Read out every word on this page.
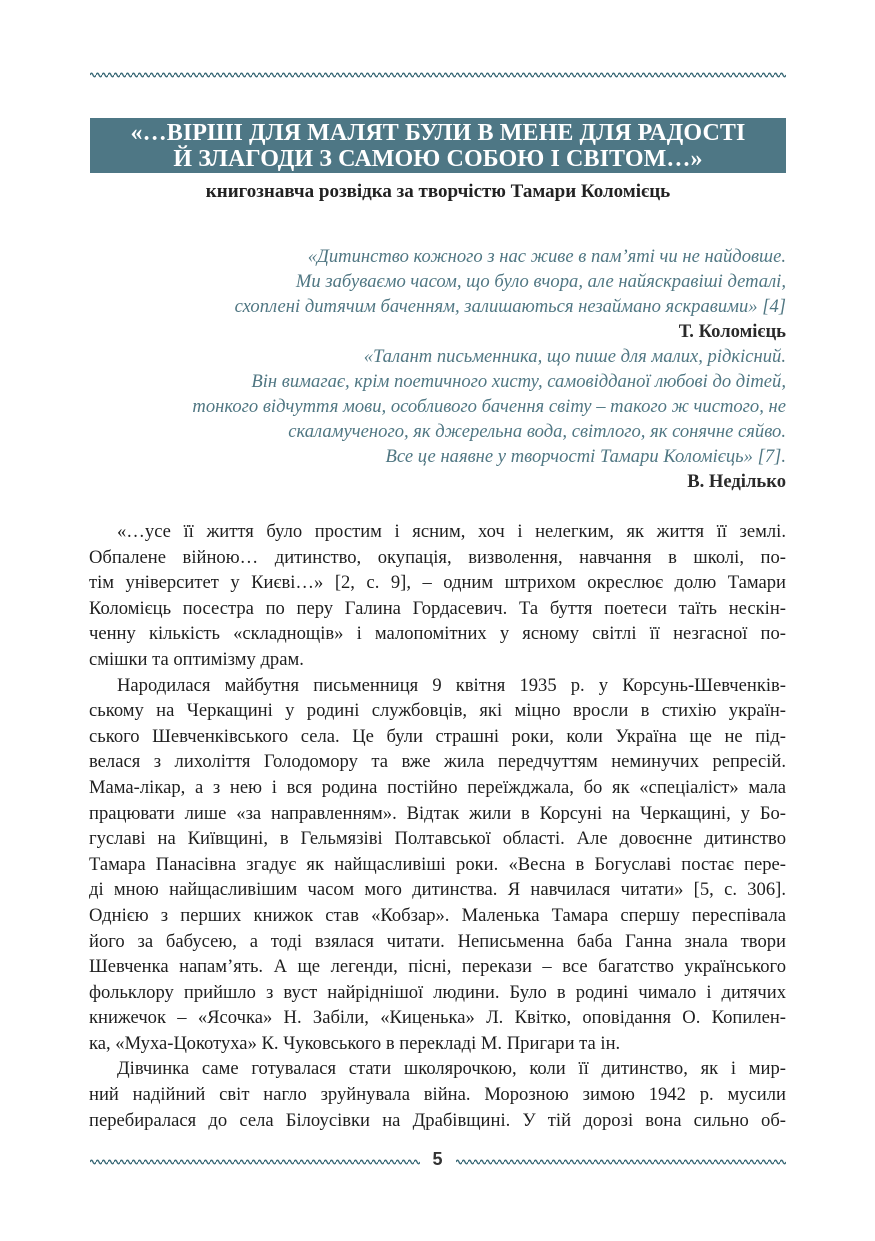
«…ВІРШІ ДЛЯ МАЛЯТ БУЛИ В МЕНЕ ДЛЯ РАДОСТІ
Й ЗЛАГОДИ З САМОЮ СОБОЮ І СВІТОМ…»
книгознавча розвідка за творчістю Тамари Коломієць
«Дитинство кожного з нас живе в пам’яті чи не найдовше.
Ми забуваємо часом, що було вчора, але найяскравіші деталі,
схоплені дитячим баченням, залишаються незаймано яскравими» [4]
Т. Коломієць
«Талант письменника, що пише для малих, рідкісний.
Він вимагає, крім поетичного хисту, самовідданої любові до дітей,
тонкого відчуття мови, особливого бачення світу – такого ж чистого, не
скаламученого, як джерельна вода, світлого, як сонячне сяйво.
Все це наявне у творчості Тамари Коломієць» [7].
В. Неділько
«…усе її життя було простим і ясним, хоч і нелегким, як життя її землі.
Обпалене війною… дитинство, окупація, визволення, навчання в школі, по-
тім університет у Києві…» [2, с. 9], – одним штрихом окреслює долю Тамари
Коломієць посестра по перу Галина Гордасевич. Та буття поетеси таїть нескін-
ченну кількість «складнощів» і малопомітних у ясному світлі її незгасної по-
смішки та оптимізму драм.
Народилася майбутня письменниця 9 квітня 1935 р. у Корсунь-Шевченків-
ському на Черкащині у родині службовців, які міцно вросли в стихію україн-
ського Шевченківського села. Це були страшні роки, коли Україна ще не під-
велася з лихоліття Голодомору та вже жила передчуттям неминучих репресій.
Мама-лікар, а з нею і вся родина постійно переїжджала, бо як «спеціаліст» мала
працювати лише «за направленням». Відтак жили в Корсуні на Черкащині, у Бо-
гуславі на Київщині, в Гельмязіві Полтавської області. Але довоєнне дитинство
Тамара Панасівна згадує як найщасливіші роки. «Весна в Богуславі постає пере-
ді мною найщасливішим часом мого дитинства. Я навчилася читати» [5, с. 306].
Однією з перших книжок став «Кобзар». Маленька Тамара спершу переспівала
його за бабусею, а тоді взялася читати. Неписьменна баба Ганна знала твори
Шевченка напам’ять. А ще легенди, пісні, перекази – все багатство українського
фольклору прийшло з вуст найріднішої людини. Було в родині чимало і дитячих
книжечок – «Ясочка» Н. Забіли, «Киценька» Л. Квітко, оповідання О. Копилен-
ка, «Муха-Цокотуха» К. Чуковського в перекладі М. Пригари та ін.
Дівчинка саме готувалася стати школярочкою, коли її дитинство, як і мир-
ний надійний світ нагло зруйнувала війна. Морозною зимою 1942 р. мусили
перебиралася до села Білоусівки на Драбівщині. У тій дорозі вона сильно об-
5
